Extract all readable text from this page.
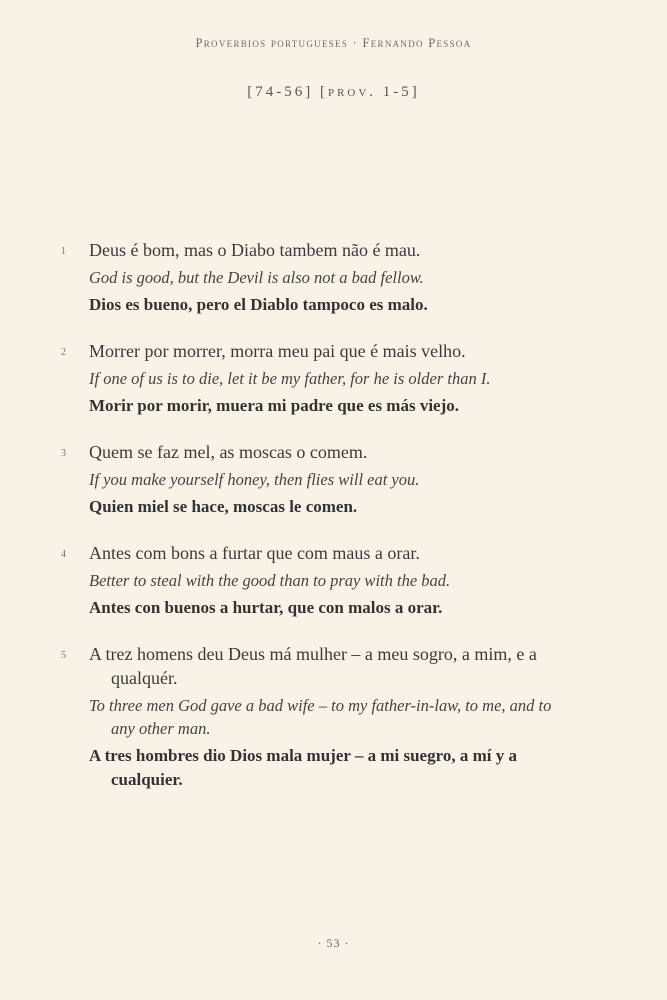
Proverbios portugueses · Fernando Pessoa
[74-56] [prov. 1-5]
1	Deus é bom, mas o Diabo tambem não é mau.
God is good, but the Devil is also not a bad fellow.
Dios es bueno, pero el Diablo tampoco es malo.
2	Morrer por morrer, morra meu pai que é mais velho.
If one of us is to die, let it be my father, for he is older than I.
Morir por morir, muera mi padre que es más viejo.
3	Quem se faz mel, as moscas o comem.
If you make yourself honey, then flies will eat you.
Quien miel se hace, moscas le comen.
4	Antes com bons a furtar que com maus a orar.
Better to steal with the good than to pray with the bad.
Antes con buenos a hurtar, que con malos a orar.
5	A trez homens deu Deus má mulher – a meu sogro, a mim, e a qualquér.
To three men God gave a bad wife – to my father-in-law, to me, and to any other man.
A tres hombres dio Dios mala mujer – a mi suegro, a mí y a cualquier.
· 53 ·
